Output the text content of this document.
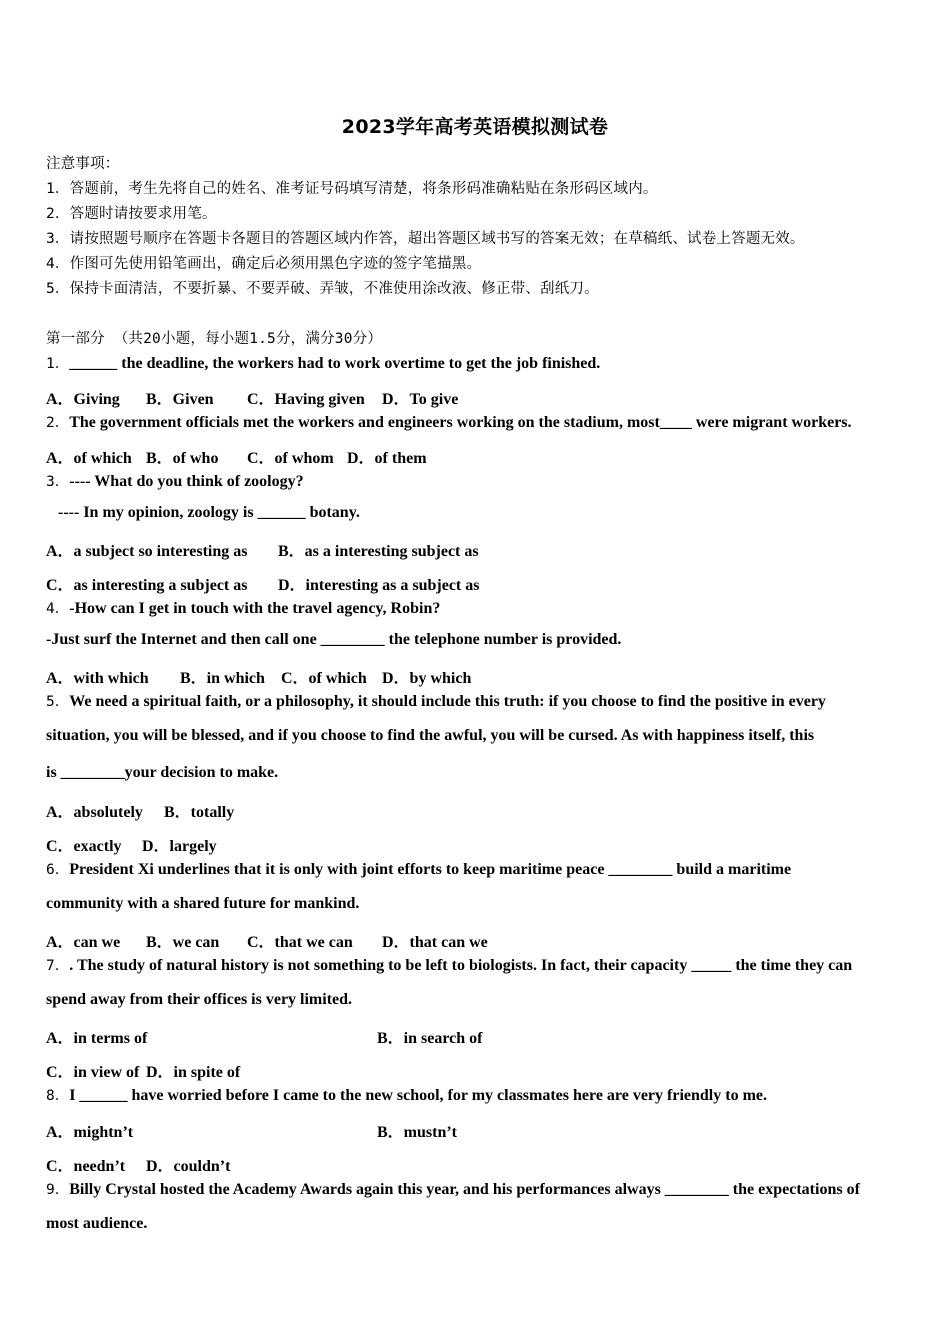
2023学年高考英语模拟测试卷
注意事项：
1．答题前，考生先将自己的姓名、准考证号码填写清楚，将条形码准确粘贴在条形码区域内。
2．答题时请按要求用笔。
3．请按照题号顺序在答题卡各题目的答题区域内作答，超出答题区域书写的答案无效；在草稿纸、试卷上答题无效。
4．作图可先使用铅笔画出，确定后必须用黑色字迹的签字笔描黑。
5．保持卡面清洁，不要折暴、不要弄破、弄皱，不准使用涂改液、修正带、刮纸刀。
第一部分 （共20小题，每小题1.5分，满分30分）
1．______ the deadline, the workers had to work overtime to get the job finished.
A．Giving B．Given C．Having given D．To give
2．The government officials met the workers and engineers working on the stadium, most____ were migrant workers.
A．of which B．of who C．of whom D．of them
3．---- What do you think of zoology?
---- In my opinion, zoology is ______ botany.
A．a subject so interesting as B．as a interesting subject as
C．as interesting a subject as D．interesting as a subject as
4．-How can I get in touch with the travel agency, Robin?
-Just surf the Internet and then call one ________ the telephone number is provided.
A．with which B．in which C．of which D．by which
5．We need a spiritual faith, or a philosophy, it should include this truth: if you choose to find the positive in every
situation, you will be blessed, and if you choose to find the awful, you will be cursed. As with happiness itself, this
is ________your decision to make.
A．absolutely B．totally
C．exactly D．largely
6．President Xi underlines that it is only with joint efforts to keep maritime peace ________ build a maritime
community with a shared future for mankind.
A．can we B．we can C．that we can D．that can we
7．. The study of natural history is not something to be left to biologists. In fact, their capacity _____ the time they can
spend away from their offices is very limited.
A．in terms of	B．in search of
C．in view of D．in spite of
8．I ______ have worried before I came to the new school, for my classmates here are very friendly to me.
A．mightn’t	B．mustn’t
C．needn’t D．couldn’t
9．Billy Crystal hosted the Academy Awards again this year, and his performances always ________ the expectations of
most audience.
